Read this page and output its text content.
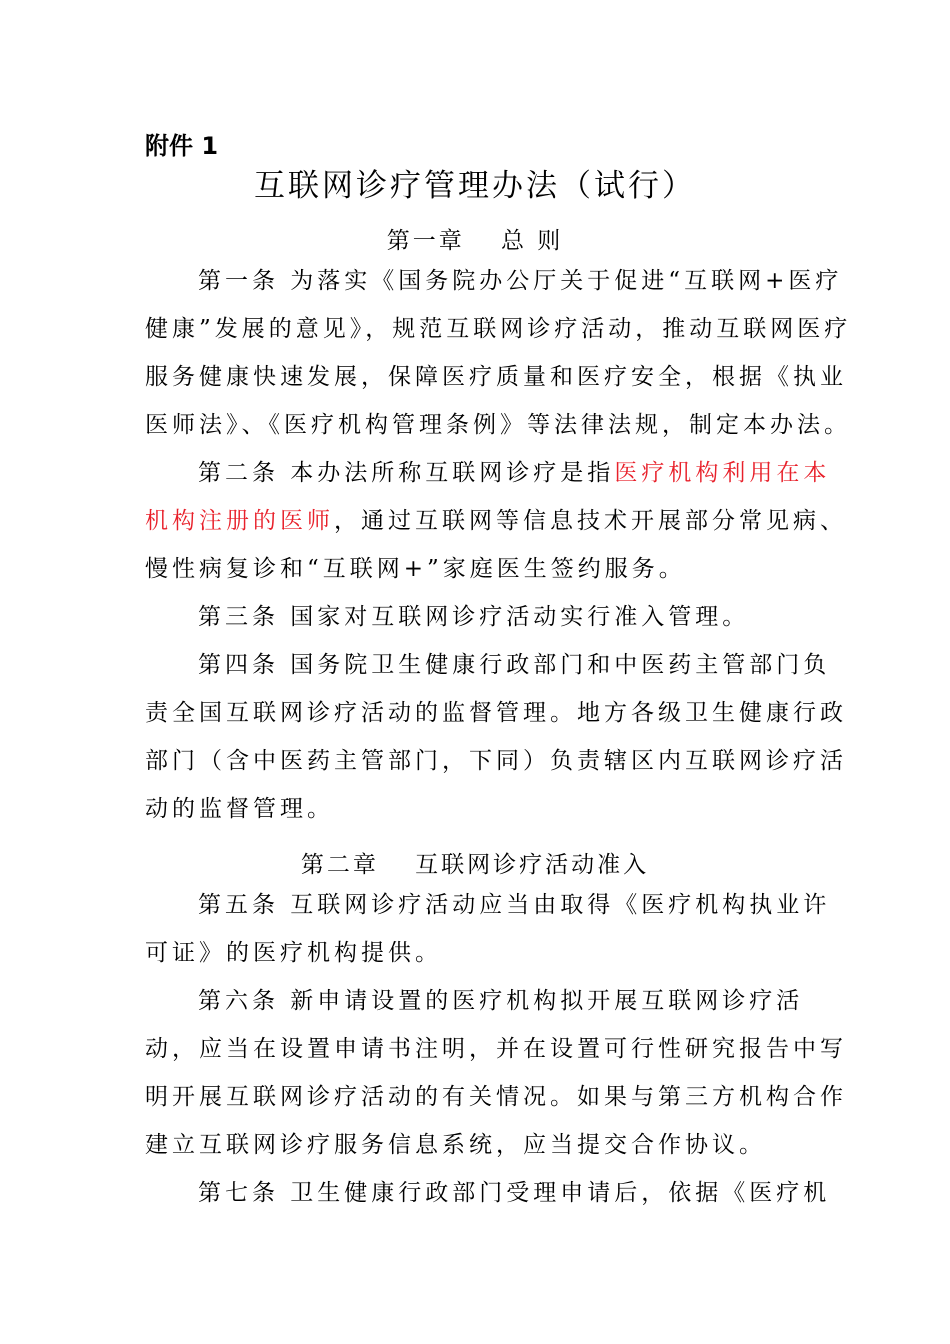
附件 1
互联网诊疗管理办法（试行）
第一章　 总 则
第一条 为落实《国务院办公厅关于促进“互联网+医疗
健康”发展的意见》，规范互联网诊疗活动，推动互联网医疗
服务健康快速发展，保障医疗质量和医疗安全，根据《执业
医师法》、《医疗机构管理条例》等法律法规，制定本办法。
第二条 本办法所称互联网诊疗是指医疗机构利用在本
机构注册的医师，通过互联网等信息技术开展部分常见病、
慢性病复诊和“互联网+”家庭医生签约服务。
第三条 国家对互联网诊疗活动实行准入管理。
第四条 国务院卫生健康行政部门和中医药主管部门负
责全国互联网诊疗活动的监督管理。地方各级卫生健康行政
部门（含中医药主管部门，下同）负责辖区内互联网诊疗活
动的监督管理。
第二章　 互联网诊疗活动准入
第五条 互联网诊疗活动应当由取得《医疗机构执业许
可证》的医疗机构提供。
第六条 新申请设置的医疗机构拟开展互联网诊疗活
动，应当在设置申请书注明，并在设置可行性研究报告中写
明开展互联网诊疗活动的有关情况。如果与第三方机构合作
建立互联网诊疗服务信息系统，应当提交合作协议。
第七条 卫生健康行政部门受理申请后，依据《医疗机
